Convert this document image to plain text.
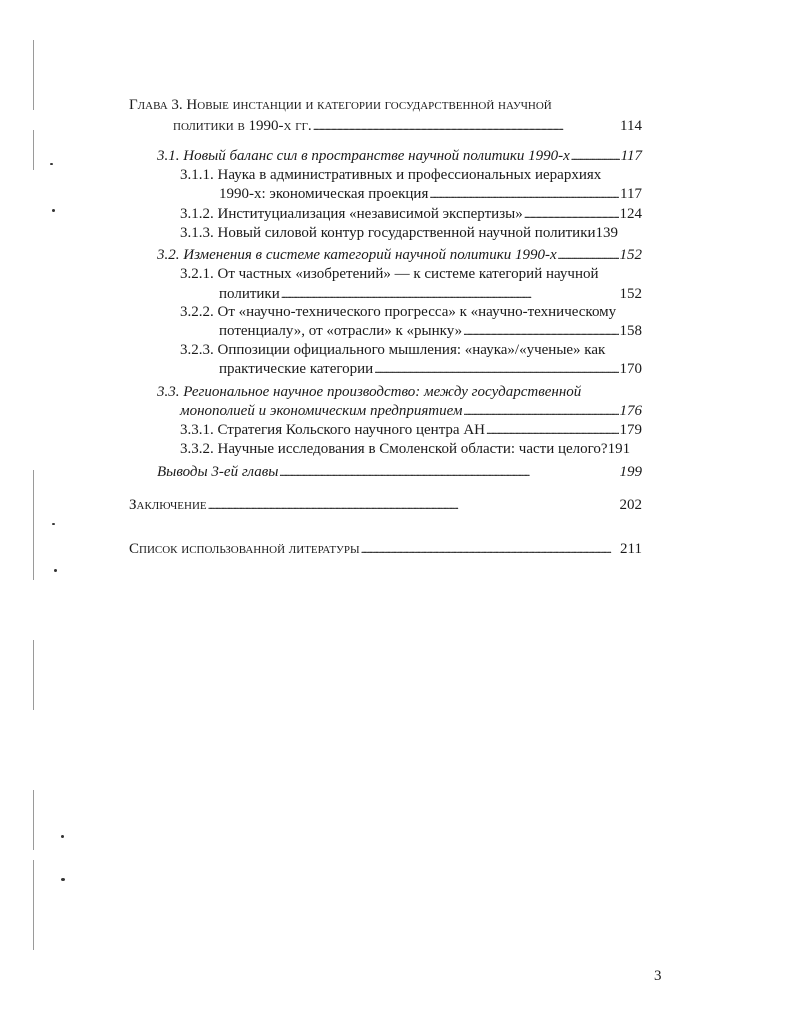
Глава 3. Новые инстанции и категории государственной научной
политики в 1990-х гг. . . .	114
3.1. Новый баланс сил в пространстве научной политики 1990-х . . .	117
3.1.1. Наука в административных и профессиональных иерархиях
1990-х: экономическая проекция . . .	117
3.1.2. Институциализация «независимой экспертизы» . . .	124
3.1.3. Новый силовой контур государственной научной политики 139
3.2. Изменения в системе категорий научной политики 1990-х . . .	152
3.2.1. От частных «изобретений» — к системе категорий научной
политики . . .	152
3.2.2. От «научно-технического прогресса» к «научно-техническому
потенциалу», от «отрасли» к «рынку» . . .	158
3.2.3. Оппозиции официального мышления: «наука»/«ученые» как
практические категории . . .	170
3.3. Региональное научное производство: между государственной
монополией и экономическим предприятием . . .	176
3.3.1. Стратегия Кольского научного центра АН . . .	179
3.3.2. Научные исследования в Смоленской области: части целого? 191
Выводы 3-ей главы . . .	199
Заключение . . .	202
Список использованной литературы . . .	211
3
